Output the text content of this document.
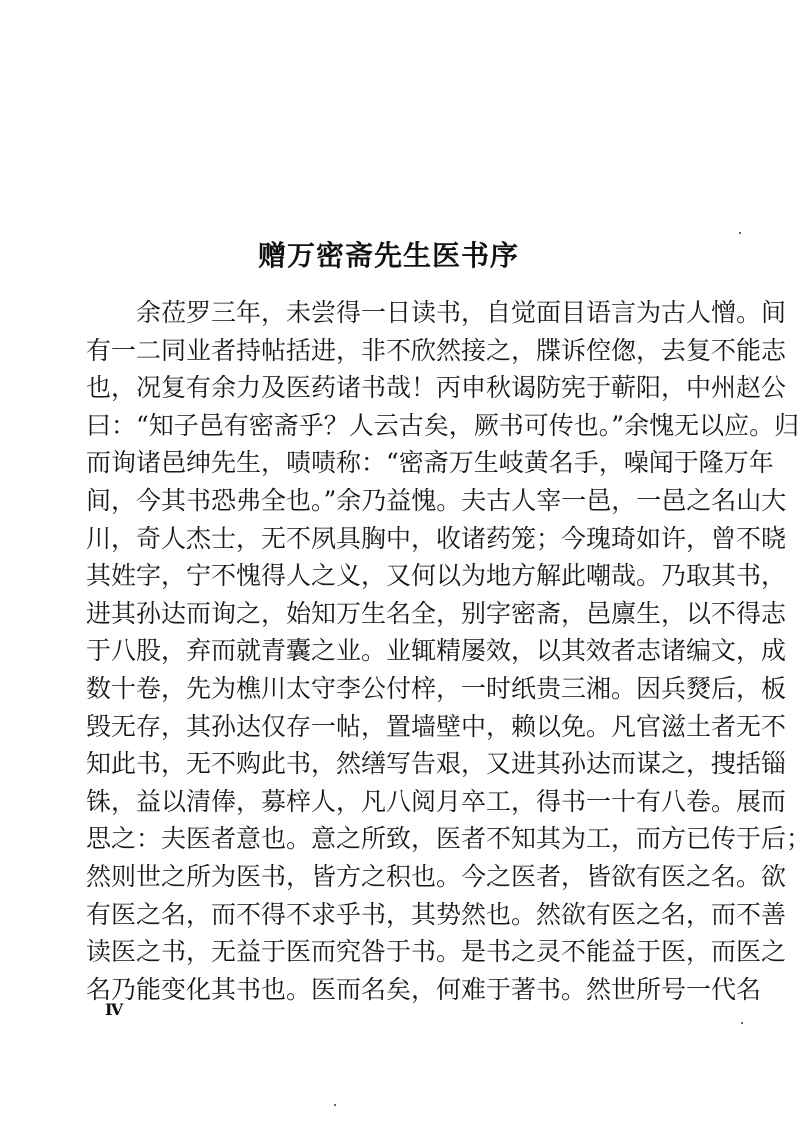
赠万密斋先生医书序
余莅罗三年，未尝得一日读书，自觉面目语言为古人憎。间
有一二同业者持帖括进，非不欣然接之，牒诉倥偬，去复不能志
也，况复有余力及医药诸书哉！丙申秋谒防宪于蕲阳，中州赵公
曰：“知子邑有密斋乎？人云古矣，厥书可传也。”余愧无以应。归
而询诸邑绅先生，啧啧称：“密斋万生岐黄名手，噪闻于隆万年
间，今其书恐弗全也。”余乃益愧。夫古人宰一邑，一邑之名山大
川，奇人杰士，无不夙具胸中，收诸药笼；今瑰琦如许，曾不晓
其姓字，宁不愧得人之义，又何以为地方解此嘲哉。乃取其书，
进其孙达而询之，始知万生名全，别字密斋，邑廪生，以不得志
于八股，弃而就青囊之业。业辄精屡效，以其效者志诸编文，成
数十卷，先为樵川太守李公付梓，一时纸贵三湘。因兵燹后，板
毁无存，其孙达仅存一帖，置墙壁中，赖以免。凡官滋土者无不
知此书，无不购此书，然缮写告艰，又进其孙达而谋之，捜括锱
铢，益以清俸，募梓人，凡八阅月卒工，得书一十有八卷。展而
思之：夫医者意也。意之所致，医者不知其为工，而方已传于后；
然则世之所为医书，皆方之积也。今之医者，皆欲有医之名。欲
有医之名，而不得不求乎书，其势然也。然欲有医之名，而不善
读医之书，无益于医而究咎于书。是书之灵不能益于医，而医之
名乃能变化其书也。医而名矣，何难于著书。然世所号一代名
Ⅳ
